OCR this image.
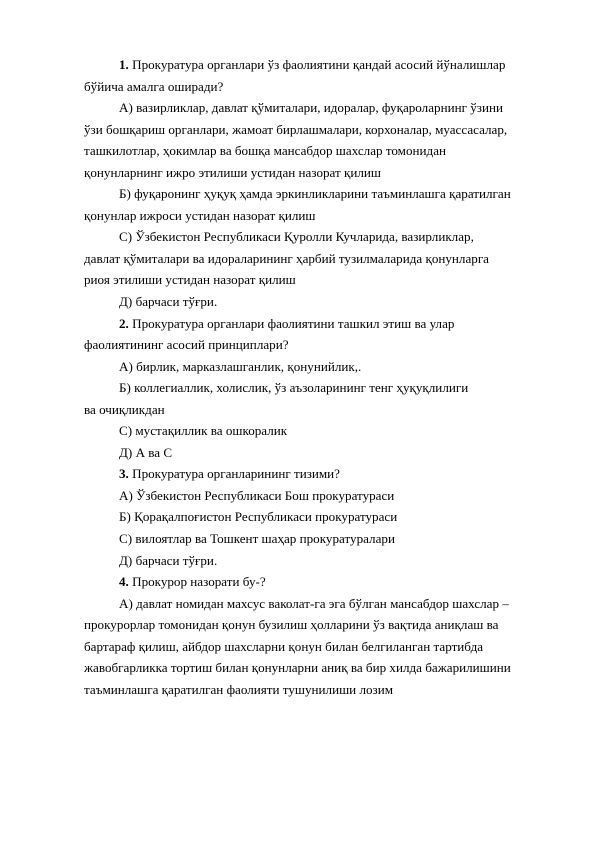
1. Прокуратура органлари ўз фаолиятини қандай асосий йўналишлар бўйича амалга оширади?

А) вазирликлар, давлат қўмиталари, идоралар, фуқароларнинг ўзини ўзи бошқариш органлари, жамоат бирлашмалари, корхоналар, муассасалар, ташкилотлар, ҳокимлар ва бошқа мансабдор шахслар томонидан қонунларнинг ижро этилиши устидан назорат қилиш

Б) фуқаронинг ҳуқуқ ҳамда эркинликларини таъминлашга қаратилган қонунлар ижроси устидан назорат қилиш

С) Ўзбекистон Республикаси Қуролли Кучларида, вазирликлар, давлат қўмиталари ва идораларининг ҳарбий тузилмаларида қонунларга риоя этилиши устидан назорат қилиш

Д) барчаси тўғри.

2. Прокуратура органлари фаолиятини ташкил этиш ва улар фаолиятининг асосий принциплари?

А) бирлик, марказлашганлик, қонунийлик,.

Б) коллегиаллик, холислик, ўз аъзоларининг тенг ҳуқуқлилиги ва очиқликдан

С) мустақиллик ва ошкоралик

Д) А ва С

3. Прокуратура органларининг тизими?

А) Ўзбекистон Республикаси Бош прокуратураси

Б) Қорақалпоғистон Республикаси прокуратураси

С) вилоятлар ва Тошкент шаҳар прокуратуралари

Д) барчаси тўғри.

4. Прокурор назорати бу-?

А) давлат номидан махсус ваколат-га эга бўлган мансабдор шахслар – прокурорлар томонидан қонун бузилиш ҳолларини ўз вақтида аниқлаш ва бартараф қилиш, айбдор шахсларни қонун билан белгиланган тартибда жавобгарликка тортиш билан қонунларни аниқ ва бир хилда бажарилишини таъминлашга қаратилган фаолияти тушунилиши лозим
